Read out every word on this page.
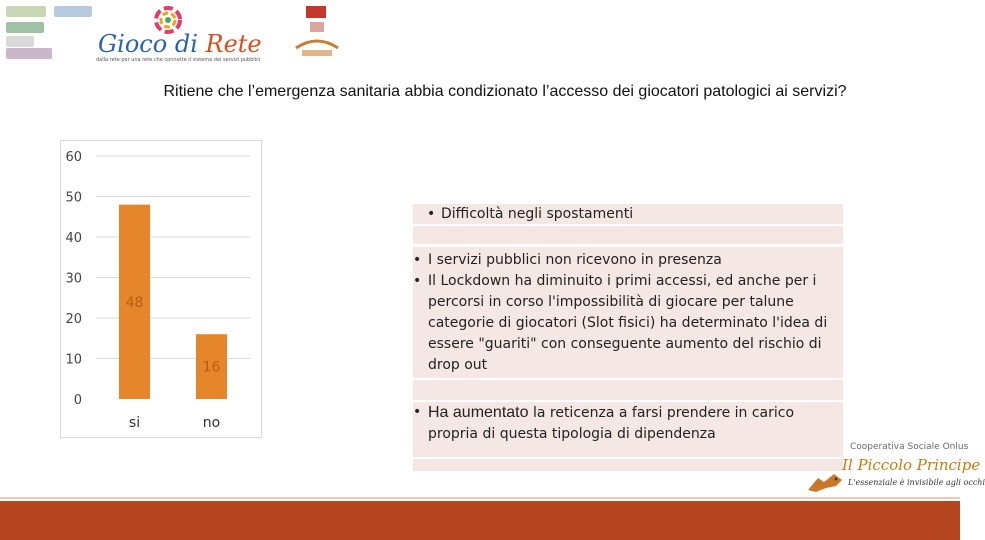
Gioco di Rete
dalla rete per una rete che connette il sistema dei servizi pubblici
Ritiene che l’emergenza sanitaria abbia condizionato l’accesso dei giocatori patologici ai servizi?
0
10
20
30
40
50
60
48
si
16
no
• Difficoltà negli spostamenti
• I servizi pubblici non ricevono in presenza
• Il Lockdown ha diminuito i primi accessi, ed anche per i percorsi in corso l'impossibilità di giocare per talune categorie di giocatori (Slot fisici) ha determinato l'idea di essere "guariti" con conseguente aumento del rischio di drop out
• Ha aumentato la reticenza a farsi prendere in carico propria di questa tipologia di dipendenza
Cooperativa Sociale Onlus
Il Piccolo Principe
L'essenziale è invisibile agli occhi
